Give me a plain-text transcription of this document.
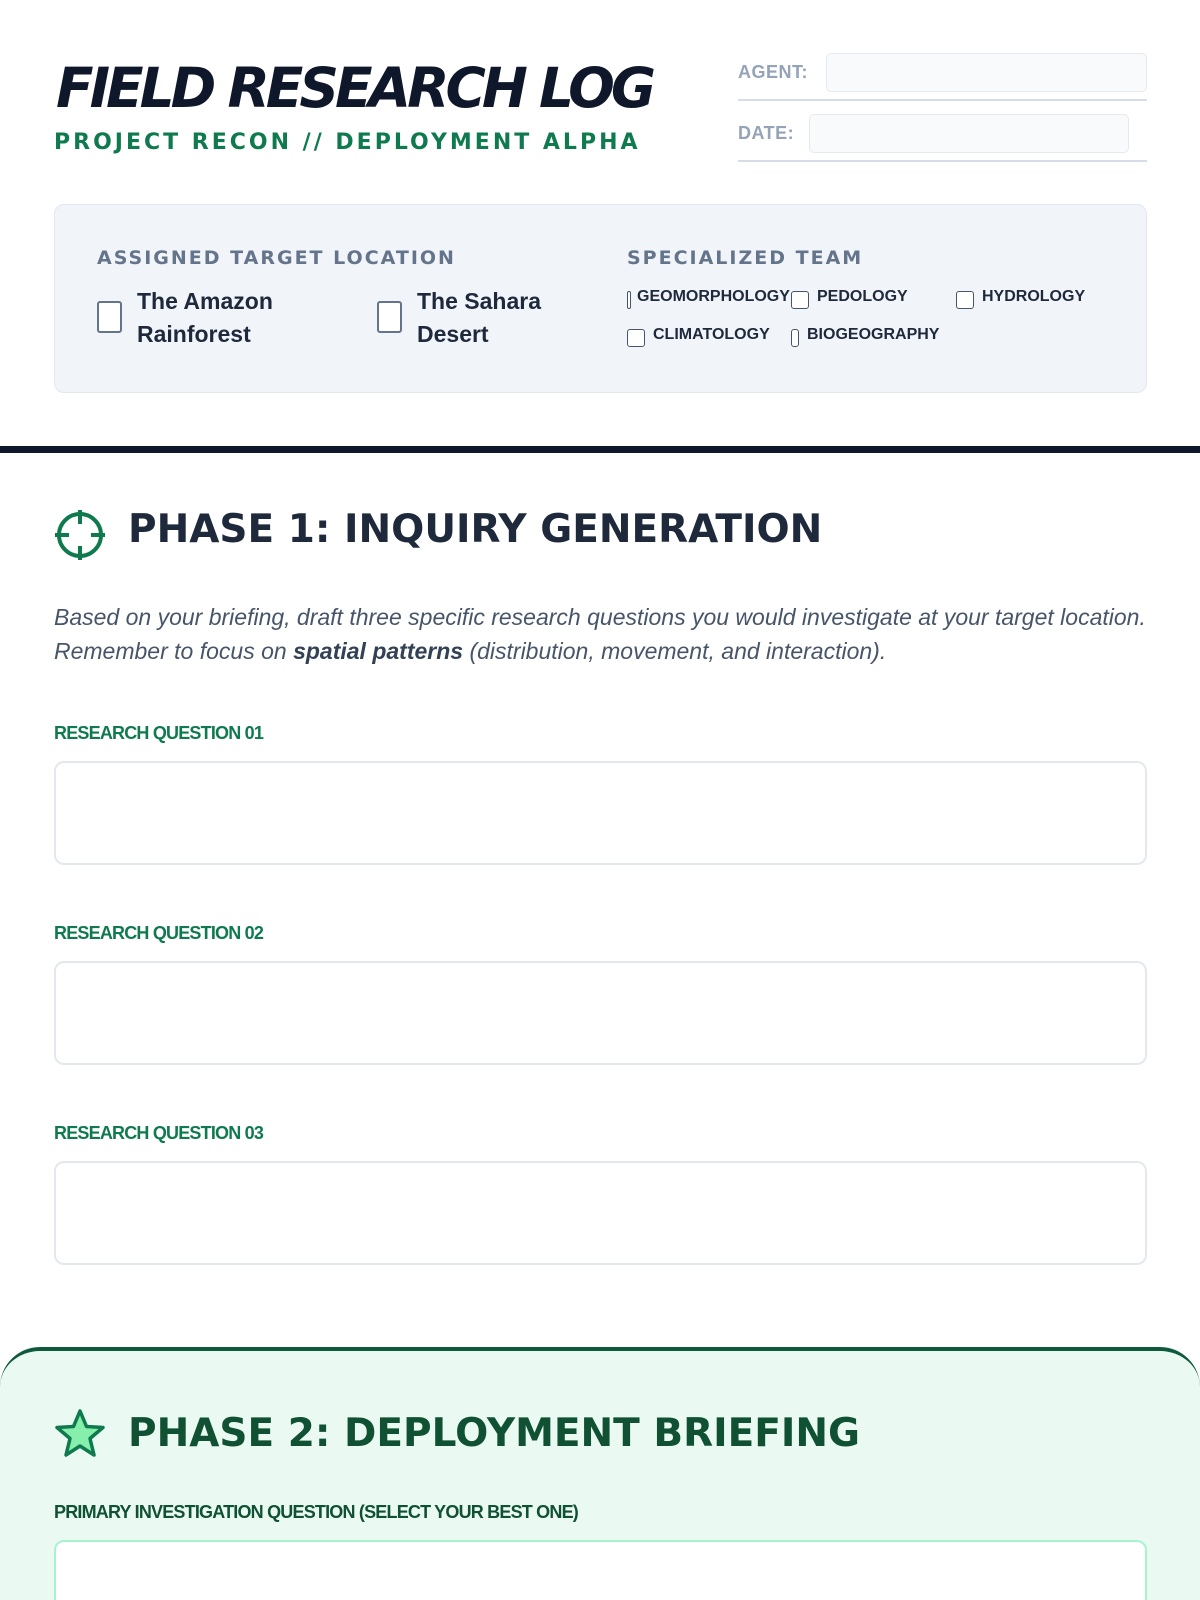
FIELD RESEARCH LOG
PROJECT RECON // DEPLOYMENT ALPHA
AGENT:
DATE:
ASSIGNED TARGET LOCATION
The Amazon Rainforest
The Sahara Desert
SPECIALIZED TEAM
GEOMORPHOLOGY PEDOLOGY	HYDROLOGY
CLIMATOLOGY BIOGEOGRAPHY
PHASE 1: INQUIRY GENERATION

Based on your briefing, draft three specific research questions you would investigate at your target location. Remember to focus on spatial patterns (distribution, movement, and interaction).

RESEARCH QUESTION 01
RESEARCH QUESTION 02
RESEARCH QUESTION 03
PHASE 2: DEPLOYMENT BRIEFING
PRIMARY INVESTIGATION QUESTION (SELECT YOUR BEST ONE)
